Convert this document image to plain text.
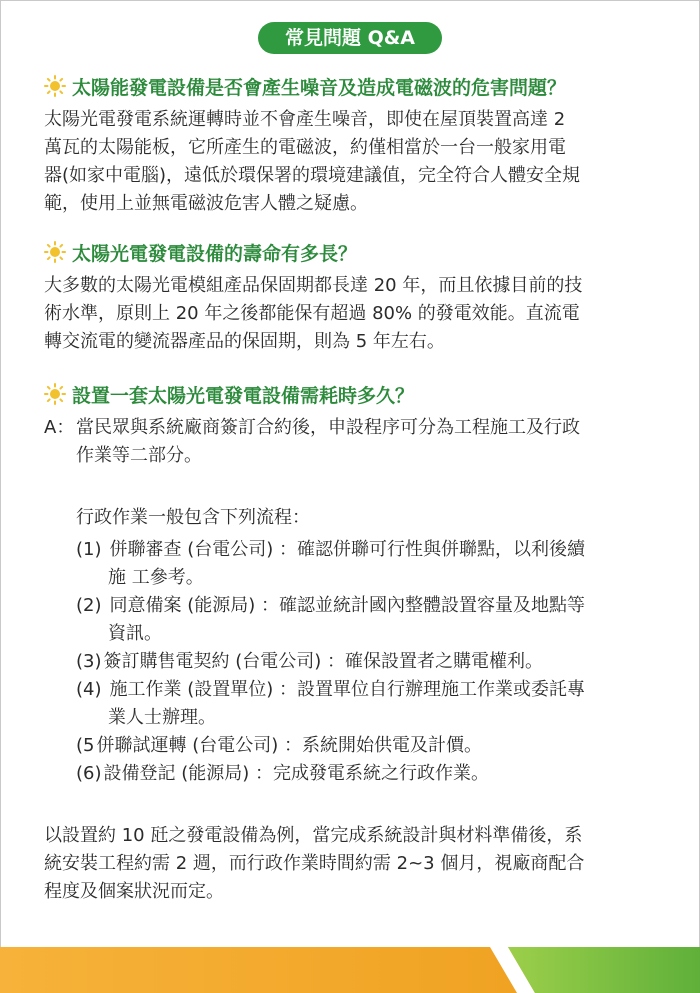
常見問題 Q&A
太陽能發電設備是否會產生噪音及造成電磁波的危害問題？
太陽光電發電系統運轉時並不會產生噪音，即使在屋頂裝置高達 2
萬瓦的太陽能板，它所產生的電磁波，約僅相當於一台一般家用電
器(如家中電腦)，遠低於環保署的環境建議值，完全符合人體安全規
範，使用上並無電磁波危害人體之疑慮。
太陽光電發電設備的壽命有多長？
大多數的太陽光電模組產品保固期都長達 20 年，而且依據目前的技
術水準，原則上 20 年之後都能保有超過 80% 的發電效能。直流電
轉交流電的變流器產品的保固期，則為 5 年左右。
設置一套太陽光電發電設備需耗時多久？
A： 當民眾與系統廠商簽訂合約後，申設程序可分為工程施工及行政
作業等二部分。
行政作業一般包含下列流程：
(1) 併聯審查 (台電公司) ：確認併聯可行性與併聯點，以利後續
施 工參考。
(2) 同意備案 (能源局) ：確認並統計國內整體設置容量及地點等
資訊。
(3) 簽訂購售電契約 (台電公司) ：確保設置者之購電權利。
(4) 施工作業 (設置單位) ：設置單位自行辦理施工作業或委託專
業人士辦理。
(5 併聯試運轉 (台電公司) ：系統開始供電及計價。
(6) 設備登記 (能源局) ：完成發電系統之行政作業。
以設置約 10 瓩之發電設備為例，當完成系統設計與材料準備後，系
統安裝工程約需 2 週，而行政作業時間約需 2~3 個月，視廠商配合
程度及個案狀況而定。
